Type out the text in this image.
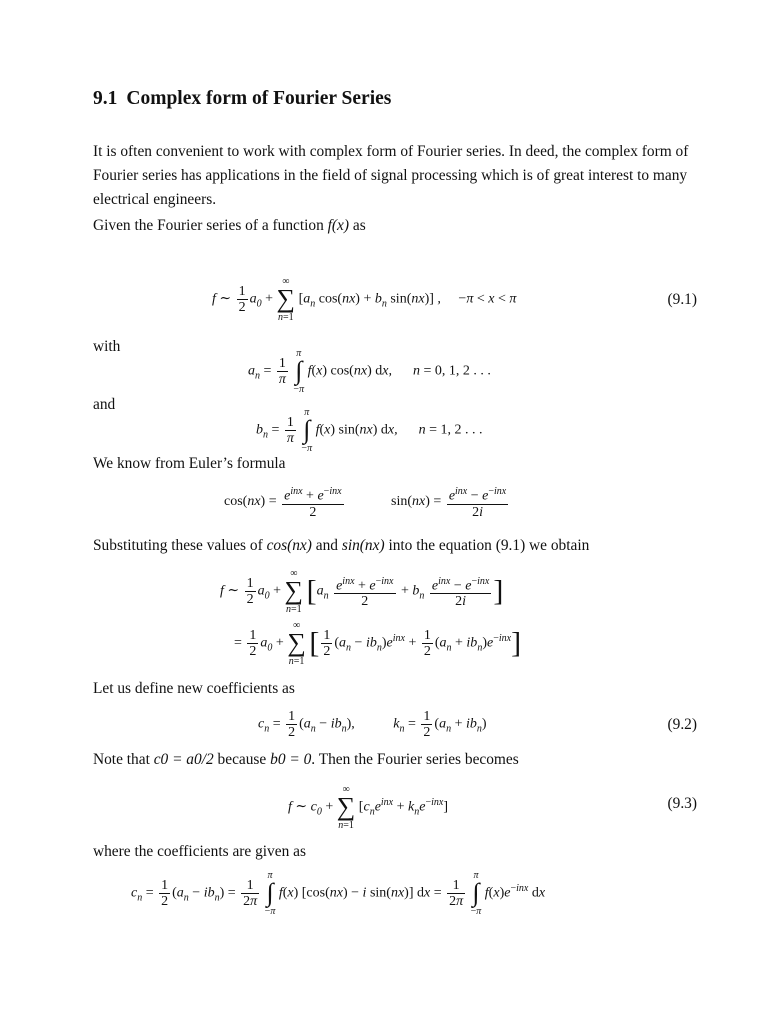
9.1 Complex form of Fourier Series
It is often convenient to work with complex form of Fourier series. In deed, the complex form of Fourier series has applications in the field of signal processing which is of great interest to many electrical engineers.
Given the Fourier series of a function f(x) as
f ∼ $\frac{1}{2} a_0$ +
∞
∑
n=1
[$a_n$ $\cos(nx) + b_n$ sin(nx)] ,     −π < x < π	(9.1)
with
$a_n = \frac{1}{\pi}$

π
∫
−π
f(x) cos(nx) dx,      n = 0, 1, 2 . . .
and
$b_n = \frac{1}{\pi}$

π
∫
−π
f(x) sin(nx) dx,      n = 1, 2 . . .
We know from Euler’s formula
$\cos(nx) = \frac{e^{inx} + e^{-inx}}{2}$	$\sin(nx) = \frac{e^{inx} - e^{-inx}}{2i}$
Substituting these values of cos(nx) and sin(nx) into the equation (9.1) we obtain
f ∼ $\frac{1}{2} a_0$ +
∞
∑
n=1
[$a_n \frac{e^{inx} + e^{-inx}}{2} + b_n \frac{e^{inx} - e^{-inx}}{2i}$ ]
= $\frac{1}{2} a_0$ +
∞
∑
n=1
[ $\frac{1}{2} (a_n - ib_n)e^{inx} + \frac{1}{2} (a_n + ib_n)e^{-inx}$]
Let us define new coefficients as
$c_n = \frac{1}{2} (a_n - ib_n)$,           $k_n = \frac{1}{2} (a_n + ib_n)$	(9.2)
Note that c0 = a0/2 because b0 = 0. Then the Fourier series becomes
f ∼ $c_0$ +
∞
∑
n=1
$[c_ne^{inx} + k_ne^{-inx}]$	(9.3)
where the coefficients are given as
$c_n = \frac{1}{2} (a_n - ib_n) = \frac{1}{2\pi}$

π
∫
−π
f(x) [cos(nx) − i sin(nx)] dx = $\frac{1}{2\pi}$

π
∫
−π
$f(x)e^{-inx}$ dx
